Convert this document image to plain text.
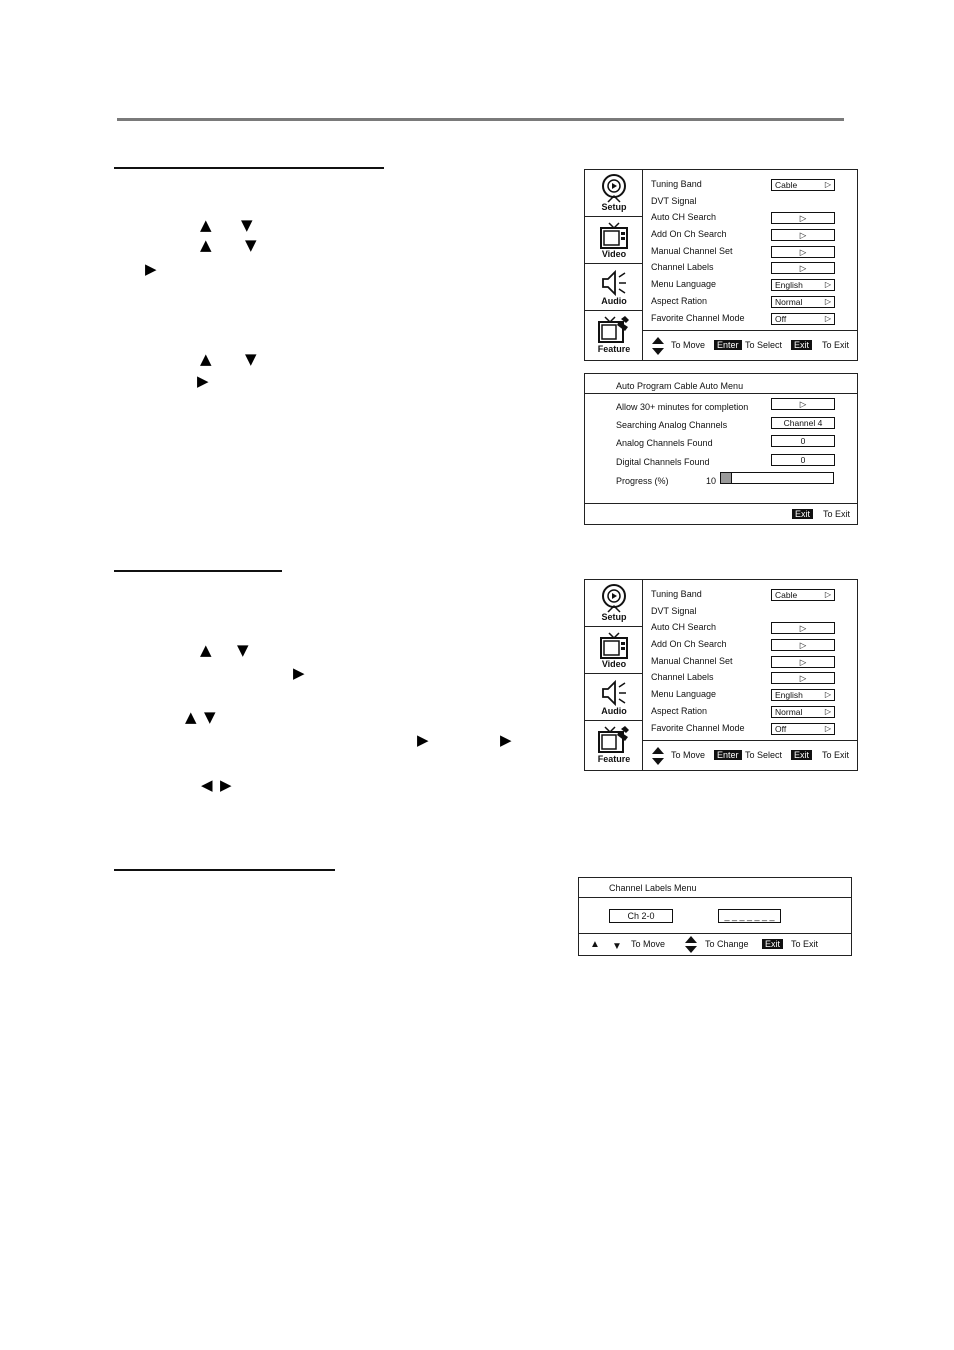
▲ ▼
▲ ▼
▶
▲ ▼
▶
▲ ▼
▶
▲ ▼
▶	▶
◀ ▶
Setup
Video
Audio
Feature
Tuning Band	Cable	▷
DVT Signal
Auto CH Search	▷
Add On Ch Search	▷
Manual Channel Set	▷
Channel Labels	▷
Menu Language	English	▷
Aspect Ration	Normal	▷
Favorite Channel Mode	Off	▷
To Move	Enter To Select	Exit	To Exit
Auto Program Cable Auto Menu
Allow 30+ minutes for completion	▷
Searching Analog Channels	Channel 4
Analog Channels Found	0
Digital Channels Found	0
Progress (%)	10
Exit	To Exit
Setup
Video
Audio
Feature
Tuning Band	Cable	▷
DVT Signal
Auto CH Search	▷
Add On Ch Search	▷
Manual Channel Set	▷
Channel Labels	▷
Menu Language	English	▷
Aspect Ration	Normal	▷
Favorite Channel Mode	Off	▷
To Move	Enter To Select	Exit	To Exit
Channel Labels Menu
Ch 2-0	_ _ _ _ _ _ _
▲ ▼ To Move	To Change	Exit	To Exit
